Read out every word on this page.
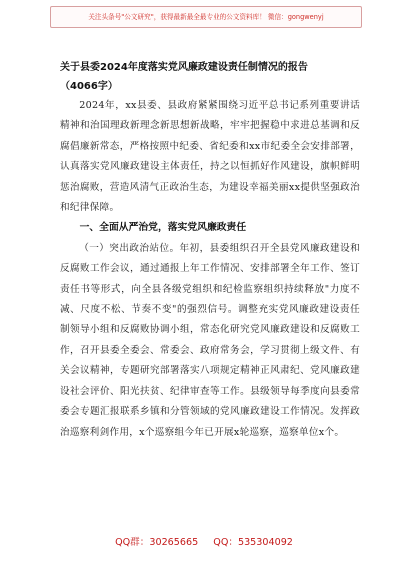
关注头条号"公文研究"，获得最新最全最专业的公文资料库！ 微信：gongwenyj
关于县委2024年度落实党风廉政建设责任制情况的报告
（4066字）

2024年，xx县委、县政府紧紧围绕习近平总书记系列重要讲话精神和治国理政新理念新思想新战略，牢牢把握稳中求进总基调和反腐倡廉新常态，严格按照中纪委、省纪委和xx市纪委全会安排部署，认真落实党风廉政建设主体责任，持之以恒抓好作风建设，旗帜鲜明惩治腐败，营造风清气正政治生态，为建设幸福美丽xx提供坚强政治和纪律保障。

一、全面从严治党，落实党风廉政责任

（一）突出政治站位。年初，县委组织召开全县党风廉政建设和反腐败工作会议，通过通报上年工作情况、安排部署全年工作、签订责任书等形式，向全县各级党组织和纪检监察组织持续释放"力度不减、尺度不松、节奏不变"的强烈信号。调整充实党风廉政建设责任制领导小组和反腐败协调小组，常态化研究党风廉政建设和反腐败工作，召开县委全委会、常委会、政府常务会，学习贯彻上级文件、有关会议精神，专题研究部署落实八项规定精神正风肃纪、党风廉政建设社会评价、阳光扶贫、纪律审查等工作。县级领导每季度向县委常委会专题汇报联系乡镇和分管领域的党风廉政建设工作情况。发挥政治巡察利剑作用，x个巡察组今年已开展x轮巡察，巡察单位x个。

QQ群：30265665 QQ：535304092
